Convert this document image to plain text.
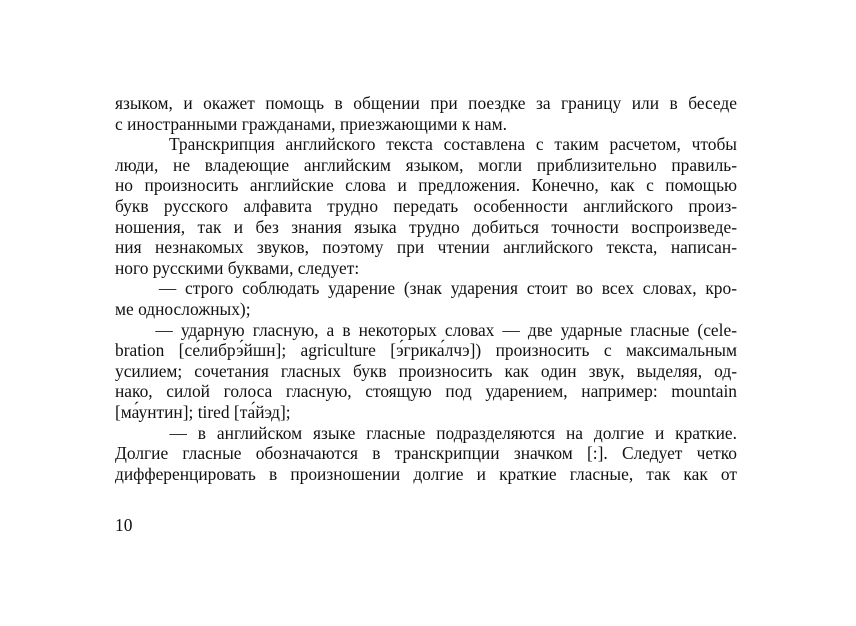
языком, и окажет помощь в общении при поездке за границу или в беседе
с иностранными гражданами, приезжающими к нам.
Транскрипция английского текста составлена с таким расчетом, чтобы
люди, не владеющие английским языком, могли приблизительно правиль-
но произносить английские слова и предложения. Конечно, как с помощью
букв русского алфавита трудно передать особенности английского произ-
ношения, так и без знания языка трудно добиться точности воспроизведе-
ния незнакомых звуков, поэтому при чтении английского текста, написан-
ного русскими буквами, следует:
— строго соблюдать ударение (знак ударения стоит во всех словах, кро-
ме односложных);
— ударную гласную, а в некоторых словах — две ударные гласные (cele-
bration [се́либрэ́йшн]; agriculture [э́грика́лчэ]) произносить с максимальным
усилием; сочетания гласных букв произносить как один звук, выделяя, од-
нако, силой голоса гласную, стоящую под ударением, например: mountain
[ма́унтин]; tired [та́йэд];
— в английском языке гласные подразделяются на долгие и краткие.
Долгие гласные обозначаются в транскрипции значком [:]. Следует четко
дифференцировать в произношении долгие и краткие гласные, так как от
10
